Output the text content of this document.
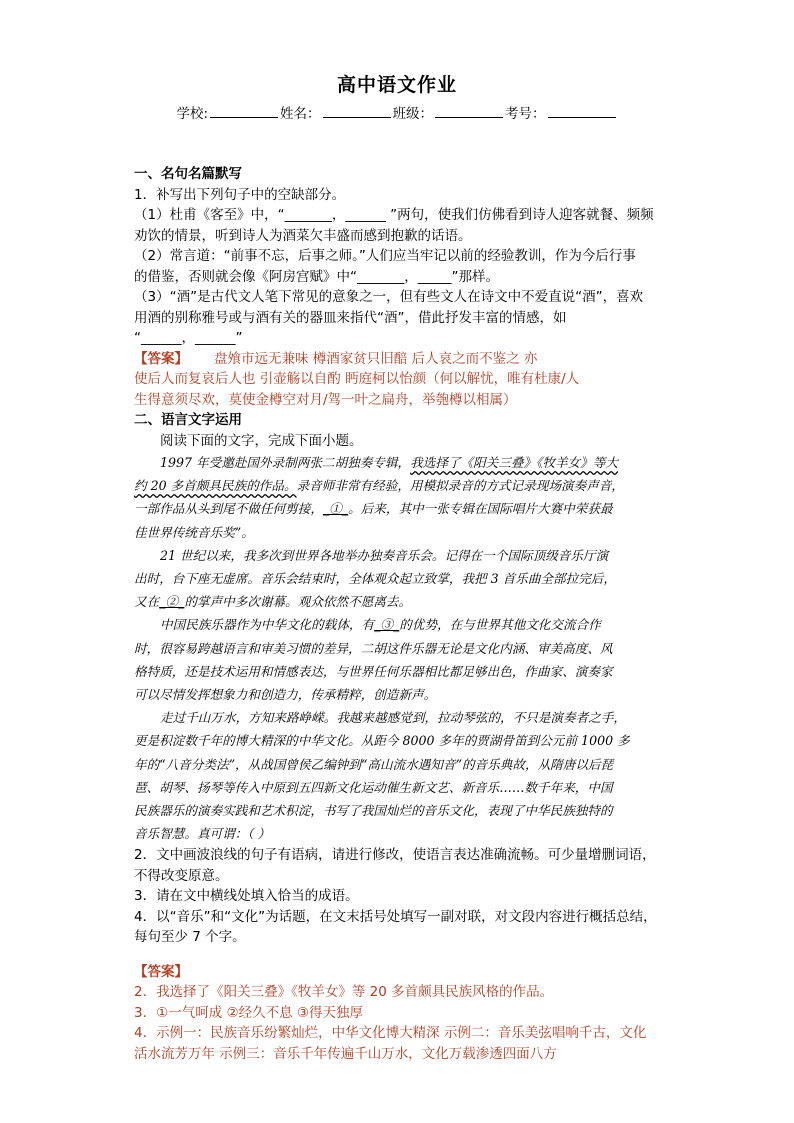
高中语文作业
学校:	姓名：	班级：	考号：
一、名句名篇默写
1．补写出下列句子中的空缺部分。
（1）杜甫《客至》中，“_______，______ ”两句，使我们仿佛看到诗人迎客就餐、频频
劝饮的情景，听到诗人为酒菜欠丰盛而感到抱歉的话语。
（2）常言道：“前事不忘，后事之师。”人们应当牢记以前的经验教训，作为今后行事
的借鉴，否则就会像《阿房宫赋》中“_______，_____”那样。
（3）“酒”是古代文人笔下常见的意象之一，但有些文人在诗文中不爱直说“酒”，喜欢
用酒的别称雅号或与酒有关的器皿来指代“酒”，借此抒发丰富的情感，如
“______，______”
【答案】 盘飧市远无兼味 樽酒家贫只旧醅 后人哀之而不鉴之 亦
使后人而复哀后人也 引壶觞以自酌 眄庭柯以怡颜（何以解忧，唯有杜康/人
生得意须尽欢，莫使金樽空对月/驾一叶之扁舟，举匏樽以相属）
二、语言文字运用
阅读下面的文字，完成下面小题。
1997 年受邀赴国外录制两张二胡独奏专辑，我选择了《阳关三叠》《牧羊女》等大
约 20 多首颇具民族的作品。录音师非常有经验，用模拟录音的方式记录现场演奏声音，
一部作品从头到尾不做任何剪接，_①_。后来，其中一张专辑在国际唱片大赛中荣获最
佳世界传统音乐奖”。
21 世纪以来，我多次到世界各地举办独奏音乐会。记得在一个国际顶级音乐厅演
出时，台下座无虚席。音乐会结束时，全体观众起立致掌，我把 3 首乐曲全部拉完后，
又在_②_的掌声中多次谢幕。观众依然不愿离去。
中国民族乐器作为中华文化的载体，有_③_的优势，在与世界其他文化交流合作
时，很容易跨越语言和审美习惯的差异，二胡这件乐器无论是文化内涵、审美高度、风
格特质，还是技术运用和情感表达，与世界任何乐器相比都足够出色，作曲家、演奏家
可以尽情发挥想象力和创造力，传承精粹，创造新声。
走过千山万水，方知来路峥嵘。我越来越感觉到，拉动琴弦的，不只是演奏者之手，
更是积淀数千年的博大精深的中华文化。从距今 8000 多年的贾湖骨笛到公元前 1000 多
年的“八音分类法”，从战国曾侯乙编钟到“高山流水遇知音”的音乐典故，从隋唐以后琵
琶、胡琴、扬琴等传入中原到五四新文化运动催生新文艺、新音乐……数千年来，中国
民族器乐的演奏实践和艺术积淀，书写了我国灿烂的音乐文化，表现了中华民族独特的
音乐智慧。真可谓：（ ）
2．文中画波浪线的句子有语病，请进行修改，使语言表达准确流畅。可少量增删词语，
不得改变原意。
3．请在文中横线处填入恰当的成语。
4．以“音乐”和“文化”为话题，在文末括号处填写一副对联，对文段内容进行概括总结，
每句至少 7 个字。
【答案】
2．我选择了《阳关三叠》《牧羊女》等 20 多首颇具民族风格的作品。
3．①一气呵成 ②经久不息 ③得天独厚
4．示例一：民族音乐纷繁灿烂，中华文化博大精深 示例二：音乐美弦唱响千古，文化
活水流芳万年 示例三：音乐千年传遍千山万水，文化万载渗透四面八方
